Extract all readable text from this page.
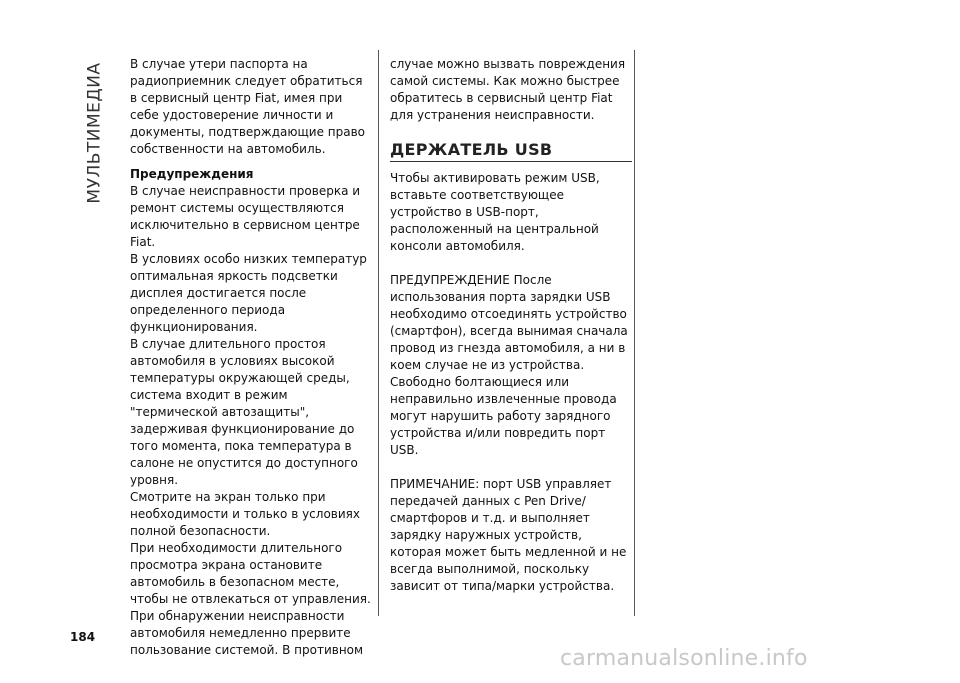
МУЛЬТИМЕДИА В случае утери паспорта на радиоприемник следует обратиться в сервисный центр Fiat, имея при себе удостоверение личности и документы, подтверждающие право собственности на автомобиль.

Предупреждения

В случае неисправности проверка и ремонт системы осуществляются исключительно в сервисном центре Fiat.

В условиях особо низких температур оптимальная яркость подсветки дисплея достигается после определенного периода функционирования.

В случае длительного простоя автомобиля в условиях высокой температуры окружающей среды, система входит в режим "термической автозащиты", задерживая функционирование до того момента, пока температура в салоне не опустится до доступного уровня.

Смотрите на экран только при необходимости и только в условиях полной безопасности.

При необходимости длительного просмотра экрана остановите автомобиль в безопасном месте, чтобы не отвлекаться от управления.

При обнаружении неисправности автомобиля немедленно прервите пользование системой. В противном

случае можно вызвать повреждения самой системы. Как можно быстрее обратитесь в сервисный центр Fiat для устранения неисправности.

ДЕРЖАТЕЛЬ USB

Чтобы активировать режим USB, вставьте соответствующее устройство в USB-порт, расположенный на центральной консоли автомобиля.

ПРЕДУПРЕЖДЕНИЕ После использования порта зарядки USB необходимо отсоединять устройство (смартфон), всегда вынимая сначала провод из гнезда автомобиля, а ни в коем случае не из устройства. Свободно болтающиеся или неправильно извлеченные провода могут нарушить работу зарядного устройства и/или повредить порт USB.

ПРИМЕЧАНИЕ: порт USB управляет передачей данных с Pen Drive/смартфоров и т.д. и выполняет зарядку наружных устройств, которая может быть медленной и не всегда выполнимой, поскольку зависит от типа/марки устройства.

184
carmanualsonline.info
